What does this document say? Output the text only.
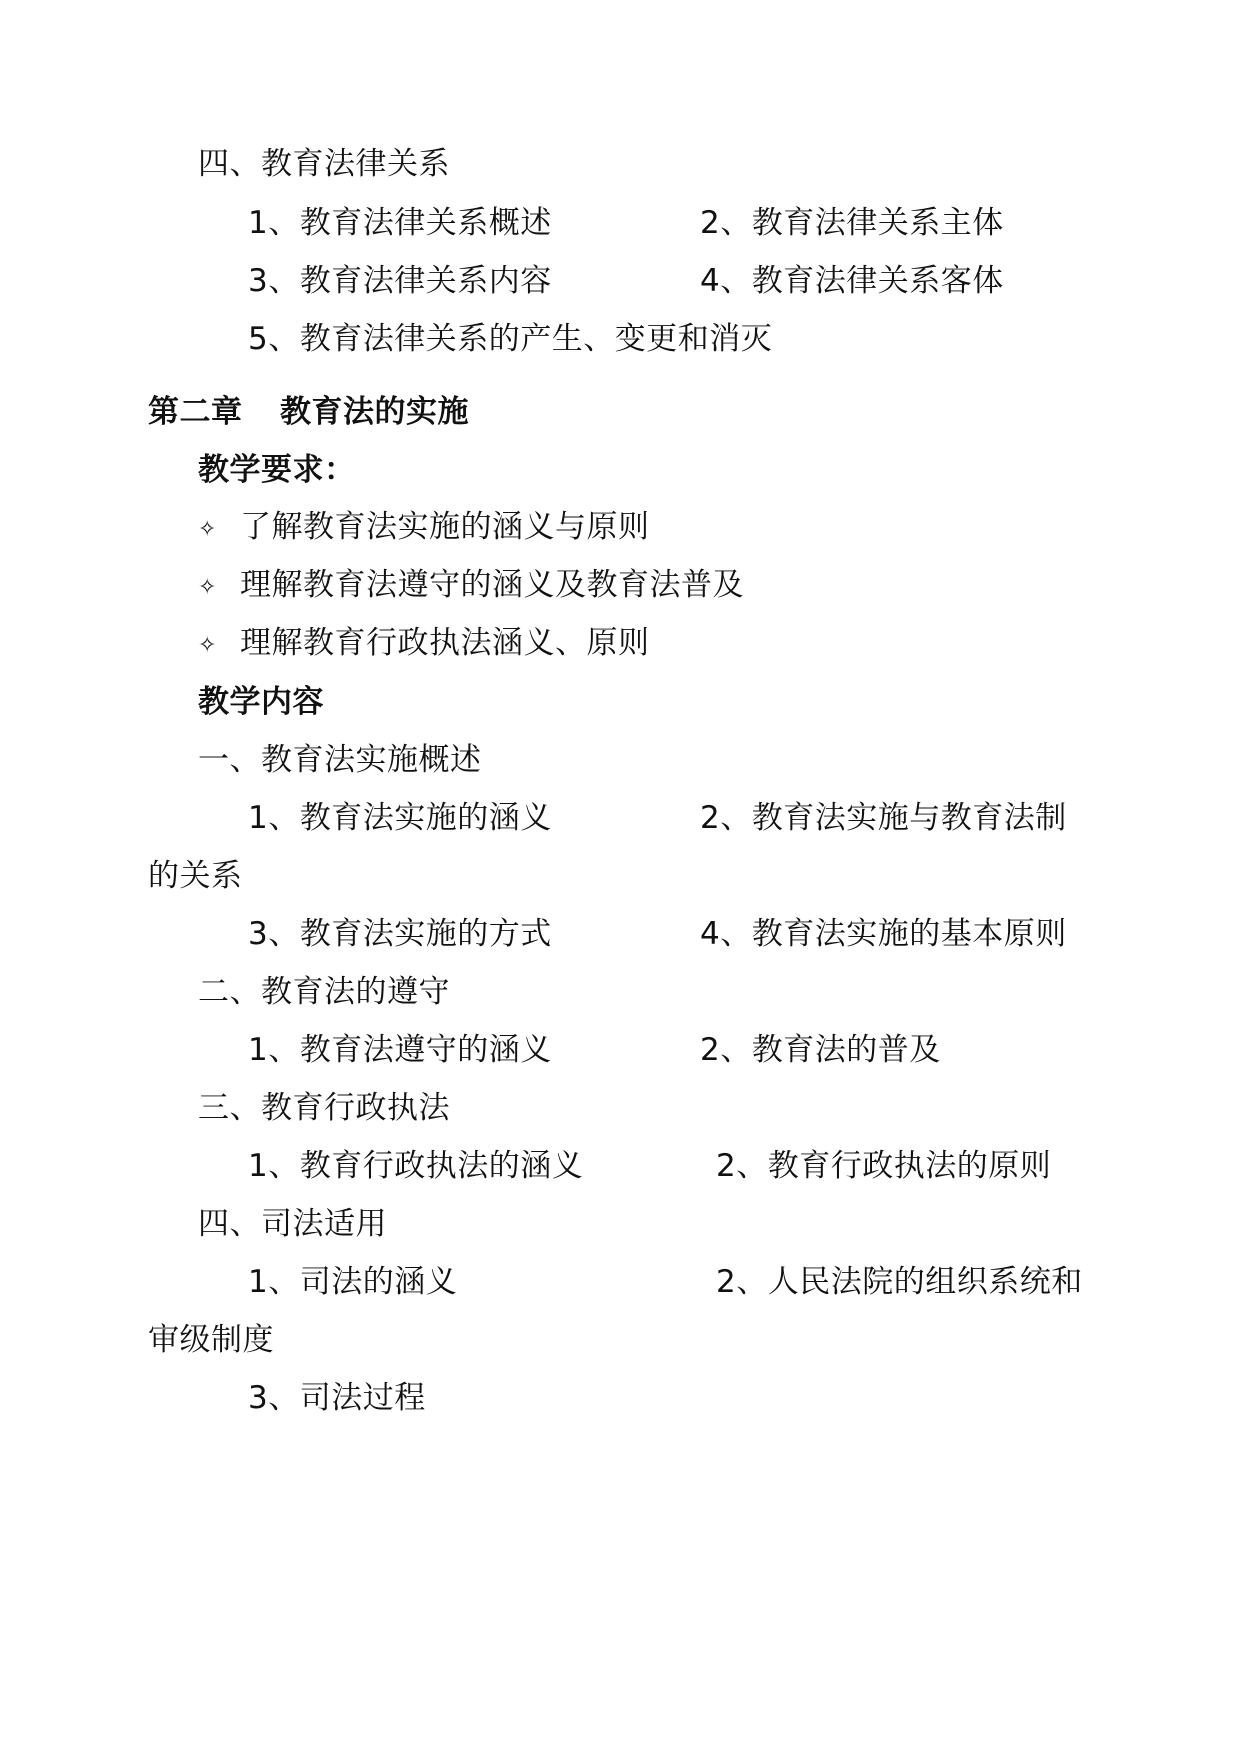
四、教育法律关系
1、教育法律关系概述	2、教育法律关系主体
3、教育法律关系内容	4、教育法律关系客体
5、教育法律关系的产生、变更和消灭
第二章 教育法的实施
教学要求：
✧ 了解教育法实施的涵义与原则
✧ 理解教育法遵守的涵义及教育法普及
✧ 理解教育行政执法涵义、原则
教学内容
一、教育法实施概述
1、教育法实施的涵义	2、教育法实施与教育法制
的关系
3、教育法实施的方式	4、教育法实施的基本原则
二、教育法的遵守
1、教育法遵守的涵义	2、教育法的普及
三、教育行政执法
1、教育行政执法的涵义	2、教育行政执法的原则
四、司法适用
1、司法的涵义	2、人民法院的组织系统和
审级制度
3、司法过程
